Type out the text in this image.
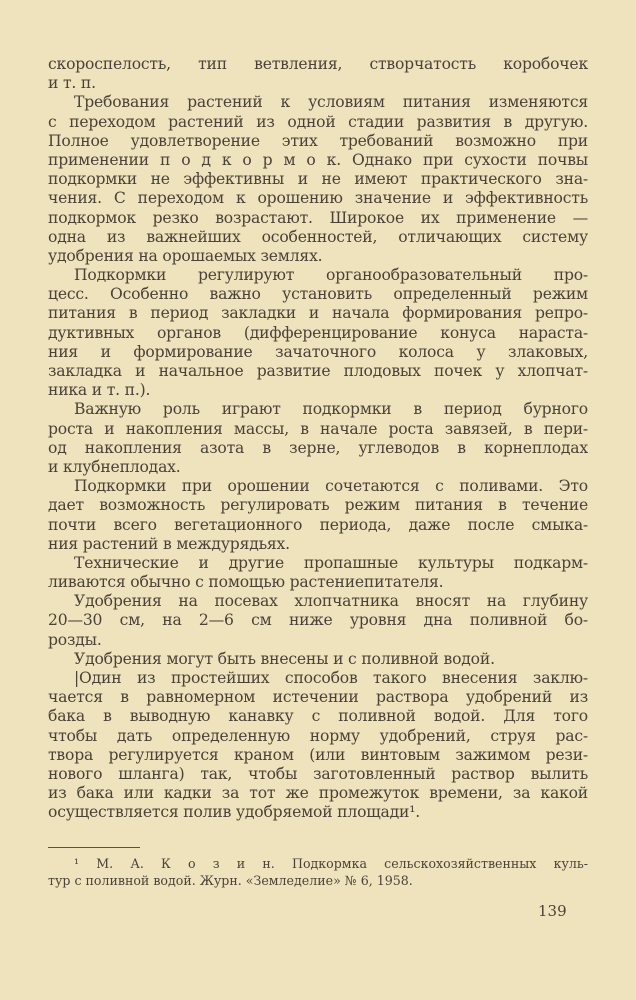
скороспелость, тип ветвления, створчатость коробочек
и т. п.
Требования растений к условиям питания изменяются
с переходом растений из одной стадии развития в другую.
Полное удовлетворение этих требований возможно при
применении п о д к о р м о к. Однако при сухости почвы
подкормки не эффективны и не имеют практического зна-
чения. С переходом к орошению значение и эффективность
подкормок резко возрастают. Широкое их применение —
одна из важнейших особенностей, отличающих систему
удобрения на орошаемых землях.
Подкормки регулируют органообразовательный про-
цесс. Особенно важно установить определенный режим
питания в период закладки и начала формирования репро-
дуктивных органов (дифференцирование конуса нараста-
ния и формирование зачаточного колоса у злаковых,
закладка и начальное развитие плодовых почек у хлопчат-
ника и т. п.).
Важную роль играют подкормки в период бурного
роста и накопления массы, в начале роста завязей, в пери-
од накопления азота в зерне, углеводов в корнеплодах
и клубнеплодах.
Подкормки при орошении сочетаются с поливами. Это
дает возможность регулировать режим питания в течение
почти всего вегетационного периода, даже после смыка-
ния растений в междурядьях.
Технические и другие пропашные культуры подкарм-
ливаются обычно с помощью растениепитателя.
Удобрения на посевах хлопчатника вносят на глубину
20—30 см, на 2—6 см ниже уровня дна поливной бо-
розды.
Удобрения могут быть внесены и с поливной водой.
|Один из простейших способов такого внесения заклю-
чается в равномерном истечении раствора удобрений из
бака в выводную канавку с поливной водой. Для того
чтобы дать определенную норму удобрений, струя рас-
твора регулируется краном (или винтовым зажимом рези-
нового шланга) так, чтобы заготовленный раствор вылить
из бака или кадки за тот же промежуток времени, за какой
осуществляется полив удобряемой площади¹.
¹ М. А. К о з и н. Подкормка сельскохозяйственных куль-
тур с поливной водой. Журн. «Земледелие» № 6, 1958.
139
